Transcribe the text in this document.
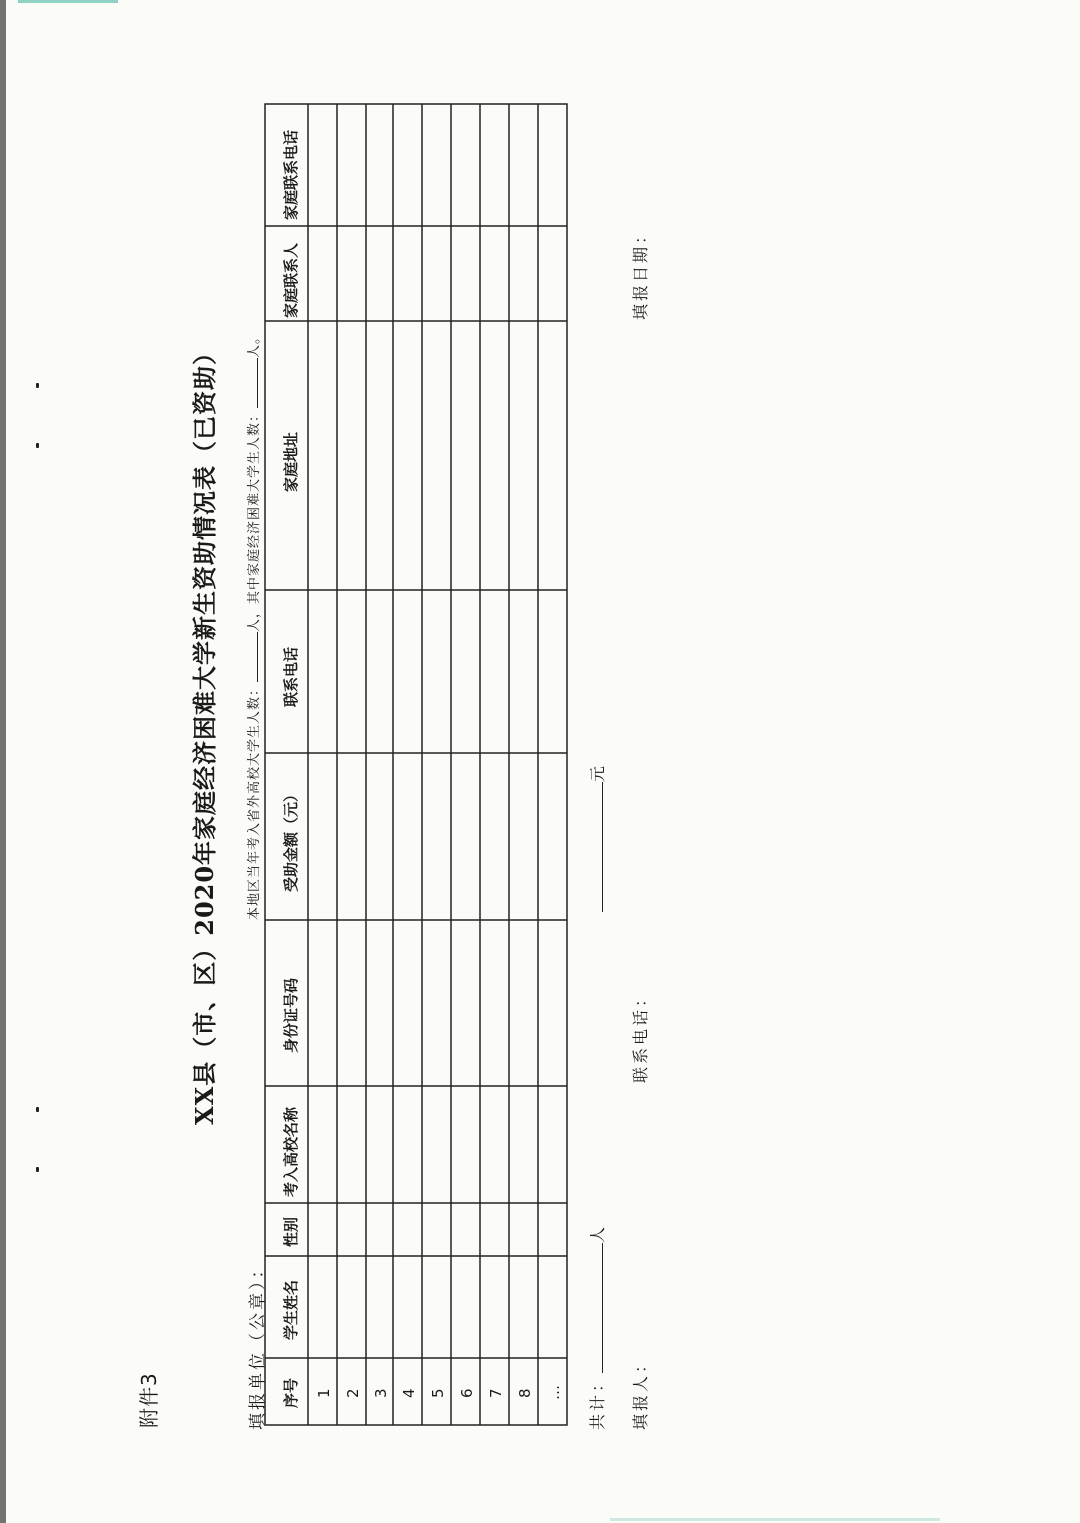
附件3
XX县（市、区）2020年家庭经济困难大学新生资助情况表（已资助）
填报单位（公章）：
本地区当年考入省外高校大学生人数：人，其中家庭经济困难大学生人数：人。
序号
学生姓名
性别
考入高校名称
身份证号码
受助金额（元）
联系电话
家庭地址
家庭联系人
家庭联系电话
1 2 3 4 5 6 7 8 … 共计：人
元
填报人：
联系电话：
填报日期：
